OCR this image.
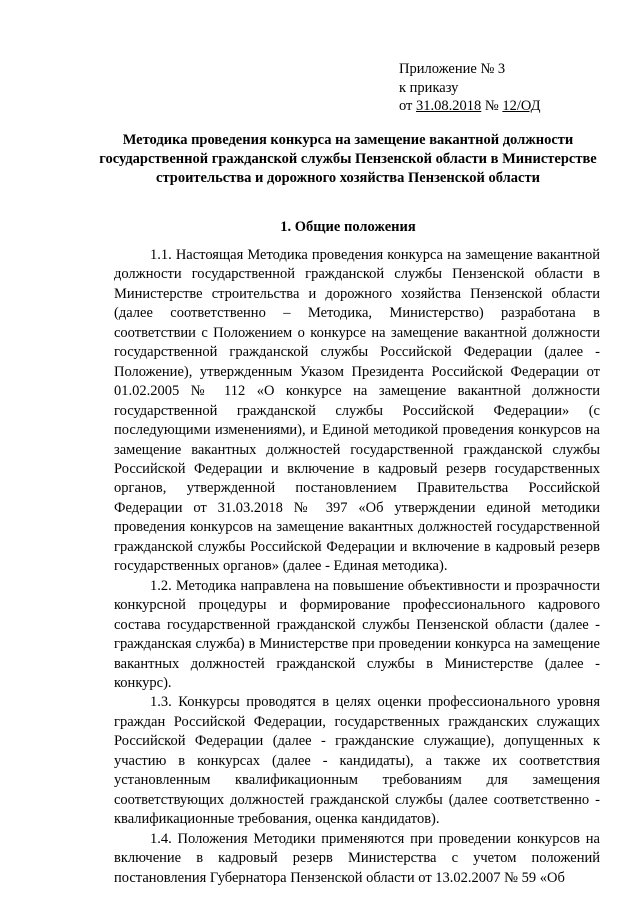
Приложение № 3
к приказу
от 31.08.2018 № 12/ОД
Методика проведения конкурса на замещение вакантной должности государственной гражданской службы Пензенской области в Министерстве строительства и дорожного хозяйства Пензенской области
1. Общие положения

1.1. Настоящая Методика проведения конкурса на замещение вакантной должности государственной гражданской службы Пензенской области в Министерстве строительства и дорожного хозяйства Пензенской области (далее соответственно – Методика, Министерство) разработана в соответствии с Положением о конкурсе на замещение вакантной должности государственной гражданской службы Российской Федерации (далее - Положение), утвержденным Указом Президента Российской Федерации от 01.02.2005 № 112 «О конкурсе на замещение вакантной должности государственной гражданской службы Российской Федерации» (с последующими изменениями), и Единой методикой проведения конкурсов на замещение вакантных должностей государственной гражданской службы Российской Федерации и включение в кадровый резерв государственных органов, утвержденной постановлением Правительства Российской Федерации от 31.03.2018 № 397 «Об утверждении единой методики проведения конкурсов на замещение вакантных должностей государственной гражданской службы Российской Федерации и включение в кадровый резерв государственных органов» (далее - Единая методика).

1.2. Методика направлена на повышение объективности и прозрачности конкурсной процедуры и формирование профессионального кадрового состава государственной гражданской службы Пензенской области (далее - гражданская служба) в Министерстве при проведении конкурса на замещение вакантных должностей гражданской службы в Министерстве (далее - конкурс).

1.3. Конкурсы проводятся в целях оценки профессионального уровня граждан Российской Федерации, государственных гражданских служащих Российской Федерации (далее - гражданские служащие), допущенных к участию в конкурсах (далее - кандидаты), а также их соответствия установленным квалификационным требованиям для замещения соответствующих должностей гражданской службы (далее соответственно - квалификационные требования, оценка кандидатов).

1.4. Положения Методики применяются при проведении конкурсов на включение в кадровый резерв Министерства с учетом положений постановления Губернатора Пензенской области от 13.02.2007 № 59 «Об
